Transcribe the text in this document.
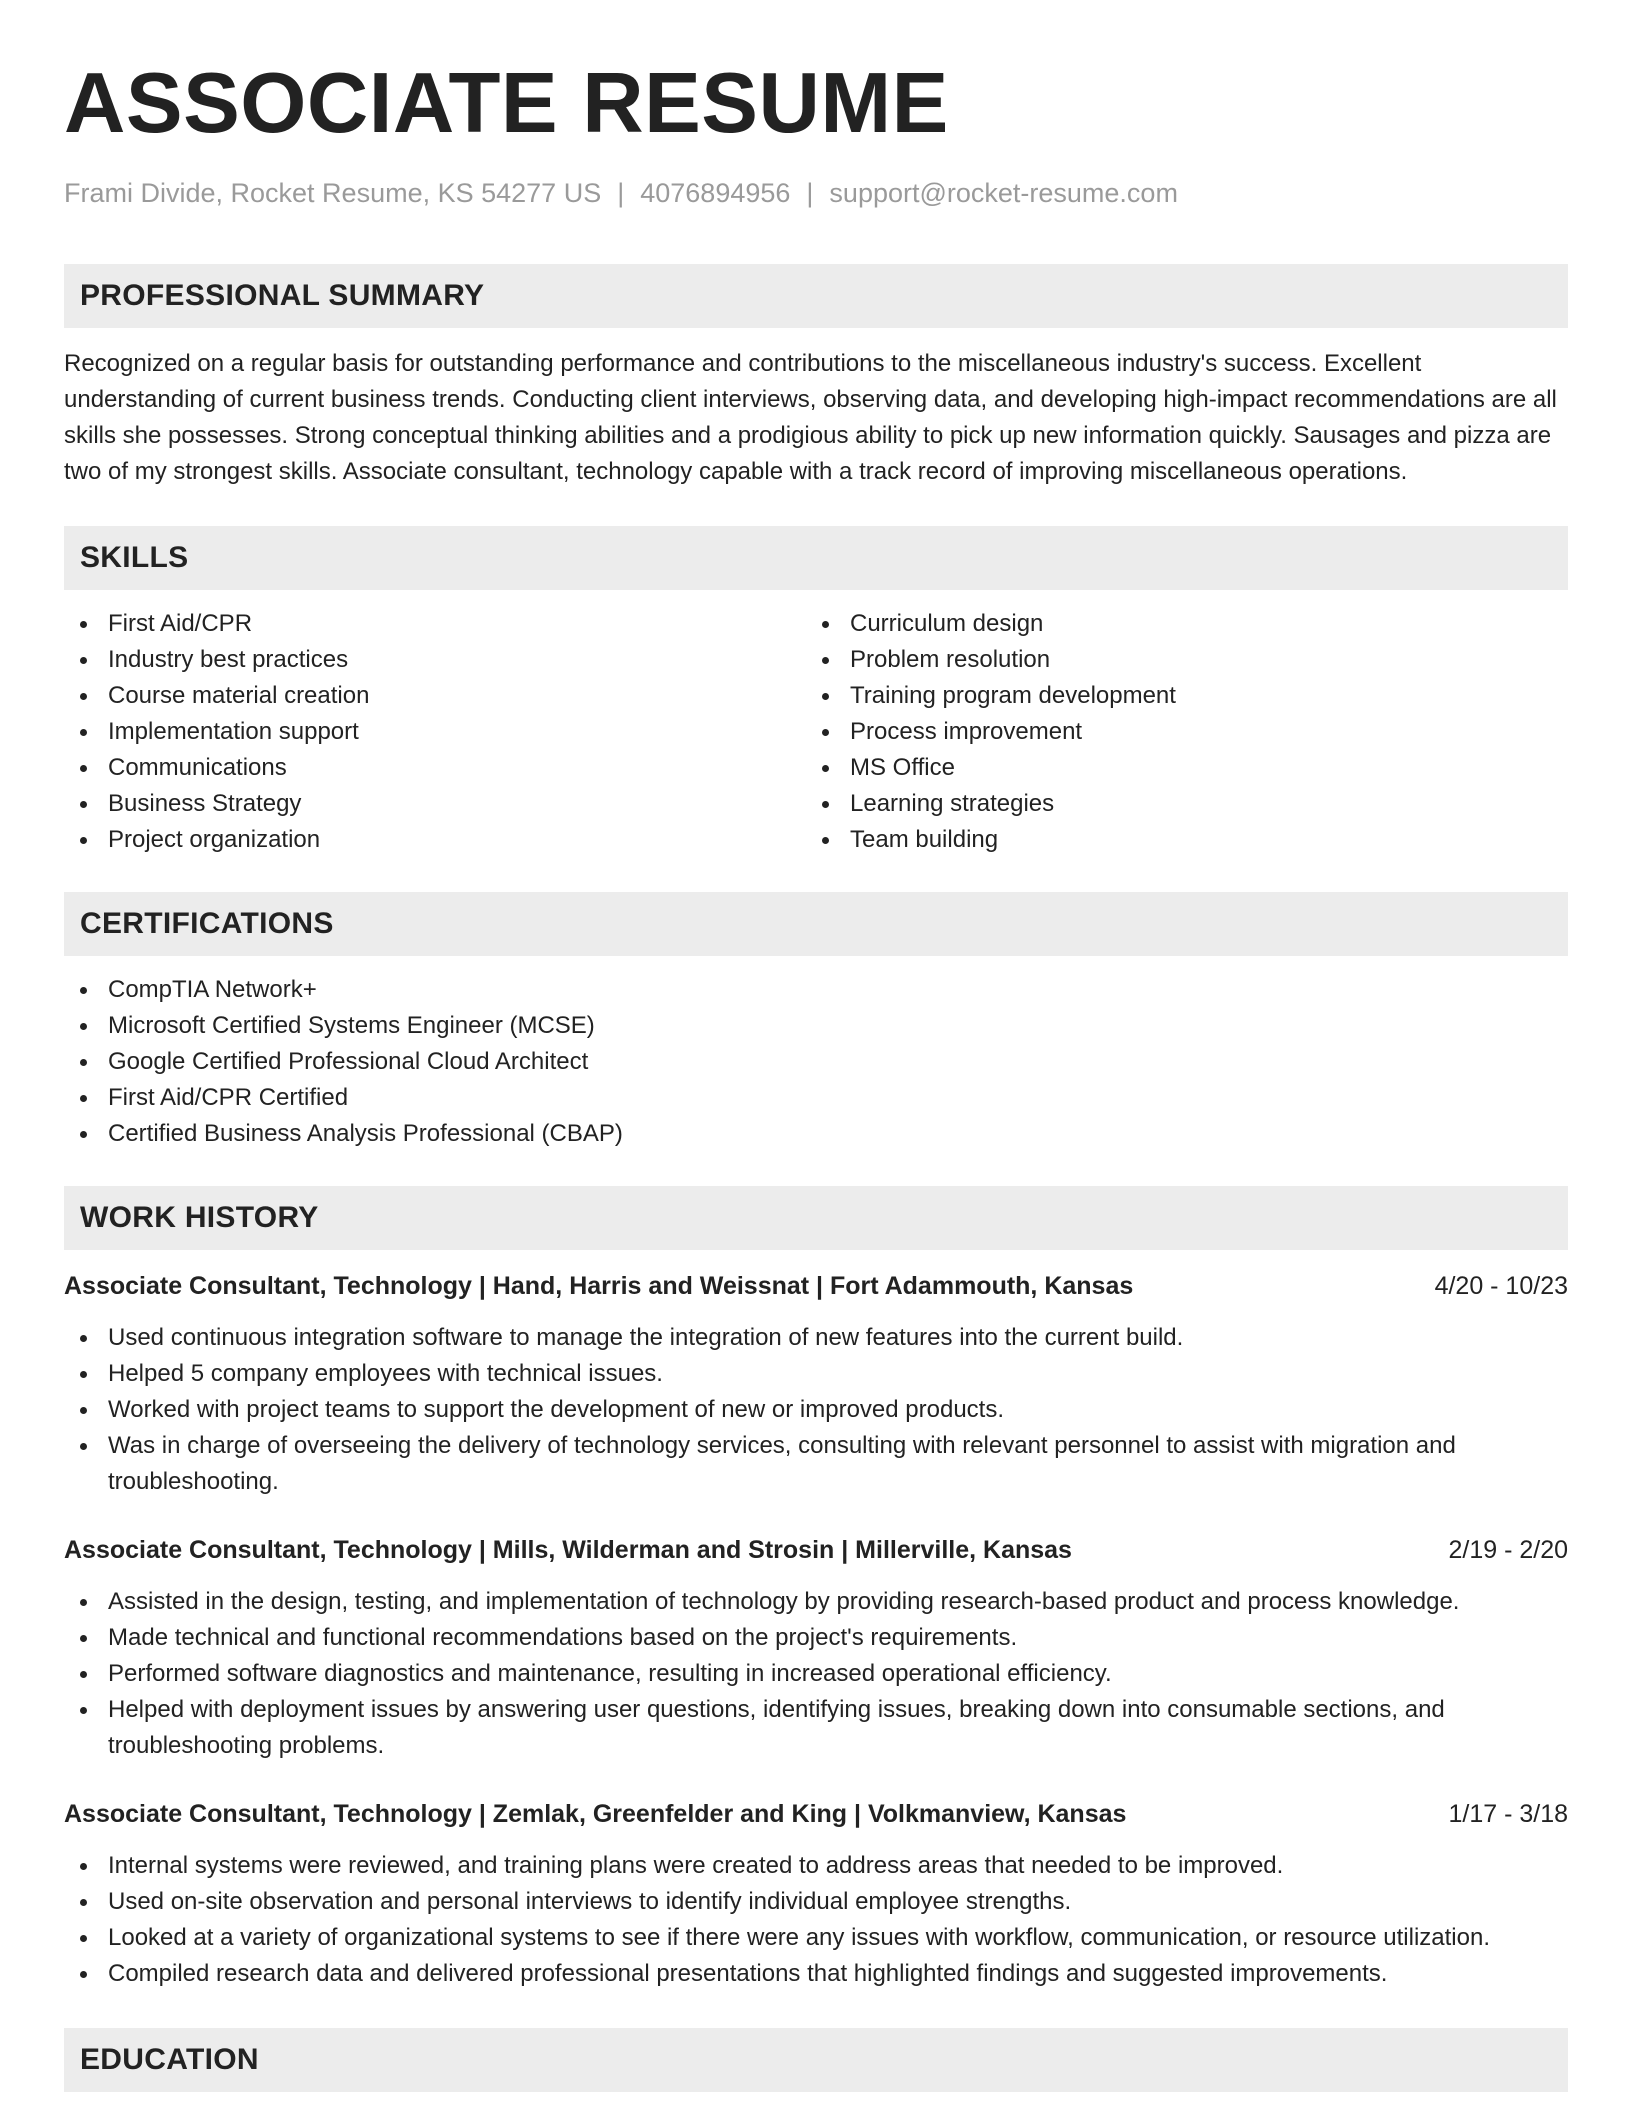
ASSOCIATE RESUME
Frami Divide, Rocket Resume, KS 54277 US | 4076894956 | support@rocket-resume.com
PROFESSIONAL SUMMARY

Recognized on a regular basis for outstanding performance and contributions to the miscellaneous industry's success. Excellent understanding of current business trends. Conducting client interviews, observing data, and developing high-impact recommendations are all skills she possesses. Strong conceptual thinking abilities and a prodigious ability to pick up new information quickly. Sausages and pizza are two of my strongest skills. Associate consultant, technology capable with a track record of improving miscellaneous operations.

SKILLS
First Aid/CPR
Industry best practices
Course material creation
Implementation support
Communications
Business Strategy
Project organization
Curriculum design
Problem resolution
Training program development
Process improvement
MS Office
Learning strategies
Team building
CERTIFICATIONS
CompTIA Network+
Microsoft Certified Systems Engineer (MCSE)
Google Certified Professional Cloud Architect
First Aid/CPR Certified
Certified Business Analysis Professional (CBAP)
WORK HISTORY
Associate Consultant, Technology | Hand, Harris and Weissnat | Fort Adammouth, Kansas	4/20 - 10/23
Used continuous integration software to manage the integration of new features into the current build.
Helped 5 company employees with technical issues.
Worked with project teams to support the development of new or improved products.
Was in charge of overseeing the delivery of technology services, consulting with relevant personnel to assist with migration and troubleshooting.
Associate Consultant, Technology | Mills, Wilderman and Strosin | Millerville, Kansas	2/19 - 2/20
Assisted in the design, testing, and implementation of technology by providing research-based product and process knowledge.
Made technical and functional recommendations based on the project's requirements.
Performed software diagnostics and maintenance, resulting in increased operational efficiency.
Helped with deployment issues by answering user questions, identifying issues, breaking down into consumable sections, and troubleshooting problems.
Associate Consultant, Technology | Zemlak, Greenfelder and King | Volkmanview, Kansas	1/17 - 3/18
Internal systems were reviewed, and training plans were created to address areas that needed to be improved.
Used on-site observation and personal interviews to identify individual employee strengths.
Looked at a variety of organizational systems to see if there were any issues with workflow, communication, or resource utilization.
Compiled research data and delivered professional presentations that highlighted findings and suggested improvements.
EDUCATION
